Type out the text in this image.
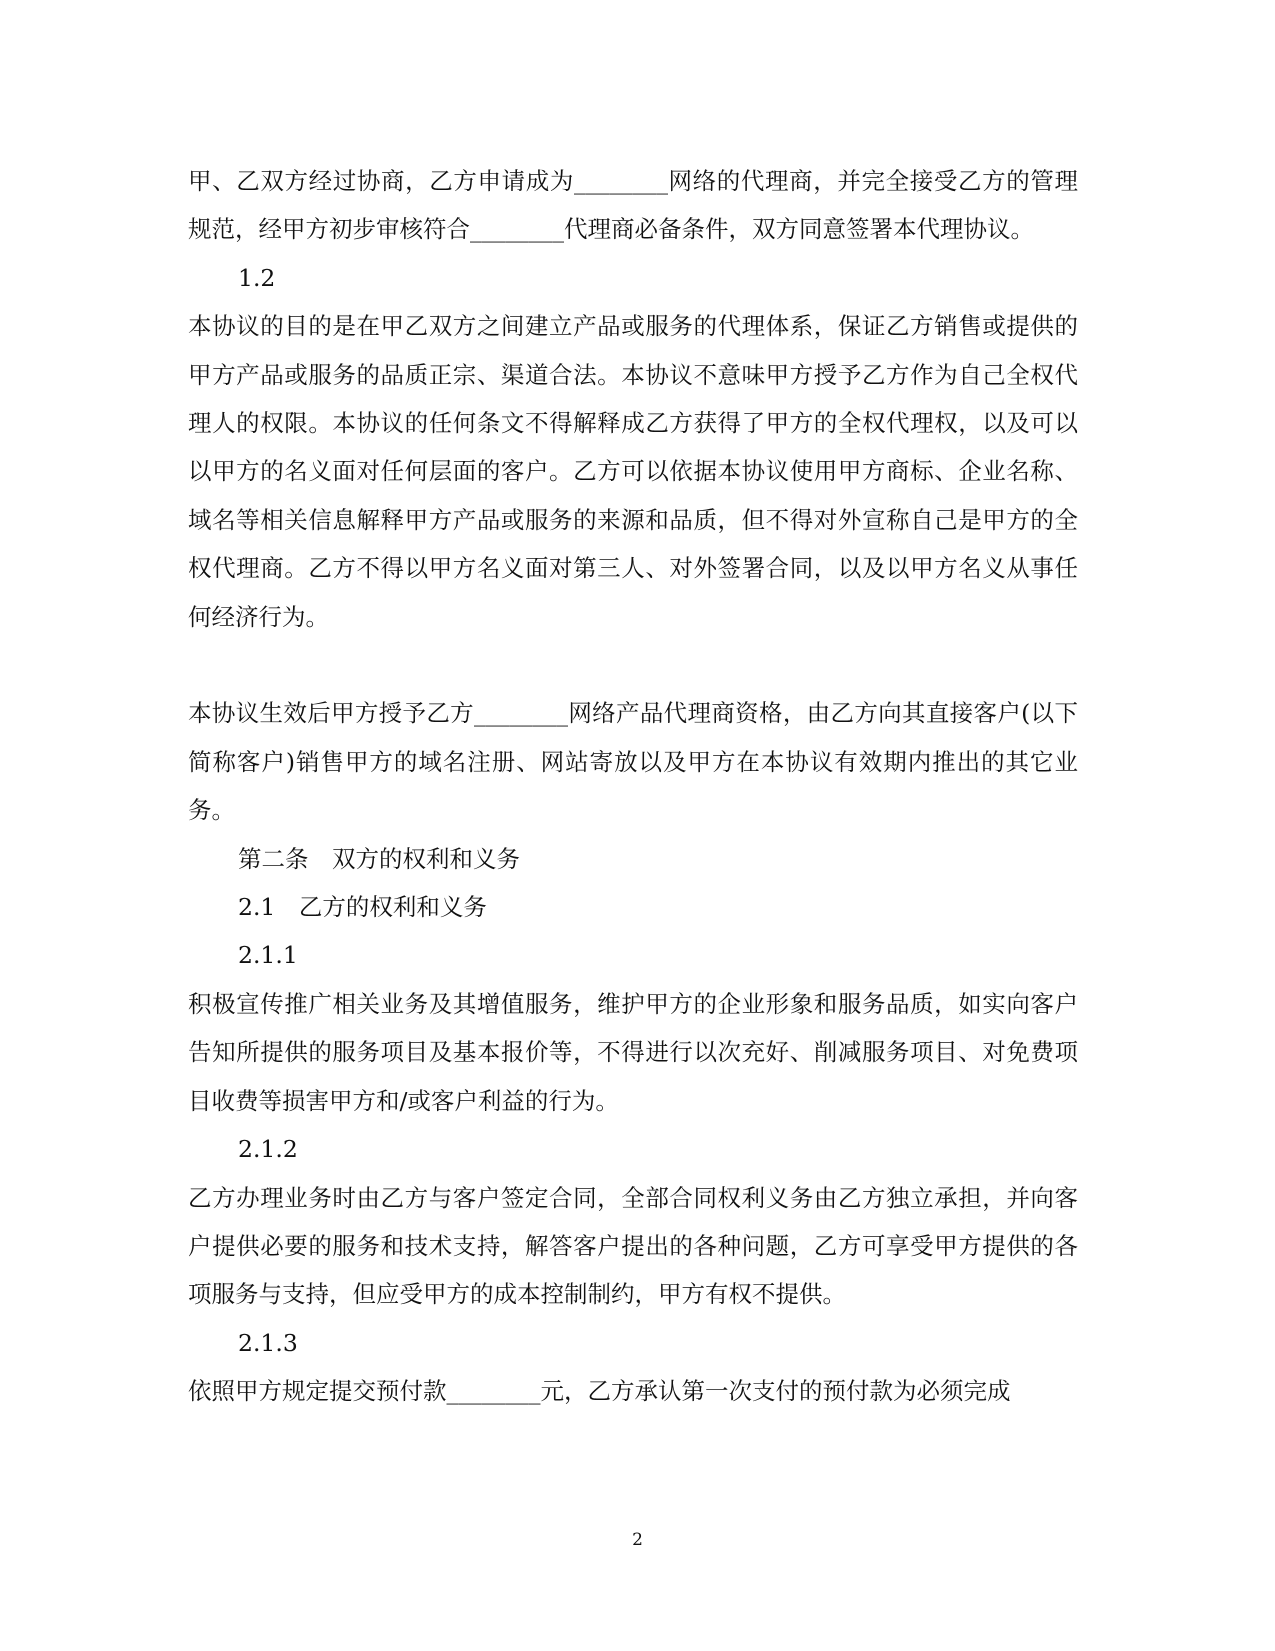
甲、乙双方经过协商，乙方申请成为________网络的代理商，并完全接受乙方的管理规范，经甲方初步审核符合________代理商必备条件，双方同意签署本代理协议。

1.2

本协议的目的是在甲乙双方之间建立产品或服务的代理体系，保证乙方销售或提供的甲方产品或服务的品质正宗、渠道合法。本协议不意味甲方授予乙方作为自己全权代理人的权限。本协议的任何条文不得解释成乙方获得了甲方的全权代理权，以及可以以甲方的名义面对任何层面的客户。乙方可以依据本协议使用甲方商标、企业名称、域名等相关信息解释甲方产品或服务的来源和品质，但不得对外宣称自己是甲方的全权代理商。乙方不得以甲方名义面对第三人、对外签署合同，以及以甲方名义从事任何经济行为。

本协议生效后甲方授予乙方________网络产品代理商资格，由乙方向其直接客户(以下简称客户)销售甲方的域名注册、网站寄放以及甲方在本协议有效期内推出的其它业务。

第二条　双方的权利和义务

2.1　乙方的权利和义务

2.1.1

积极宣传推广相关业务及其增值服务，维护甲方的企业形象和服务品质，如实向客户告知所提供的服务项目及基本报价等，不得进行以次充好、削减服务项目、对免费项目收费等损害甲方和/或客户利益的行为。

2.1.2

乙方办理业务时由乙方与客户签定合同，全部合同权利义务由乙方独立承担，并向客户提供必要的服务和技术支持，解答客户提出的各种问题，乙方可享受甲方提供的各项服务与支持，但应受甲方的成本控制制约，甲方有权不提供。

2.1.3

依照甲方规定提交预付款________元，乙方承认第一次支付的预付款为必须完成

2
